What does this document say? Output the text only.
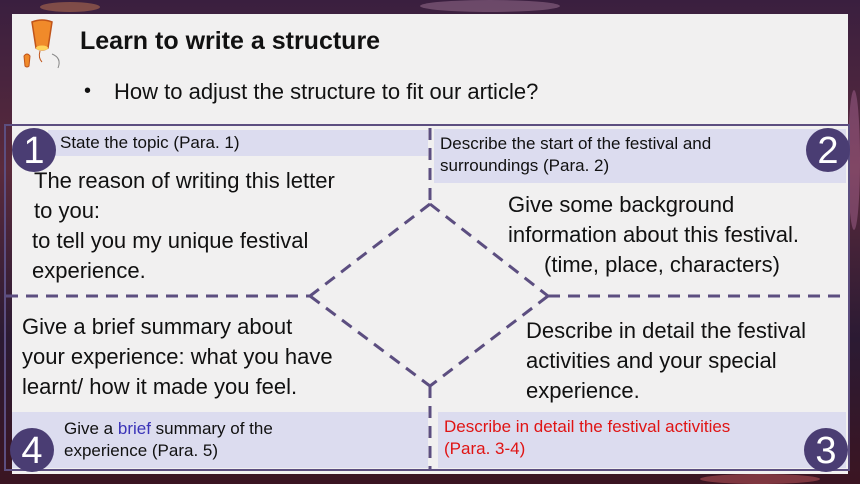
Learn to write a structure
• How to adjust the structure to fit our article?
State the topic (Para. 1)
1
The reason of writing this letter
to you:
to tell you my unique festival
experience.
Describe the start of the festival and
surroundings (Para. 2)	2
Give some background
information about this festival.
(time, place, characters)
Give a brief summary about
your experience: what you have
learnt/ how it made you feel.
Give a brief summary of the
experience (Para. 5)
4
Describe in detail the festival
activities and your special
experience.
Describe in detail the festival activities
(Para. 3-4)	3
